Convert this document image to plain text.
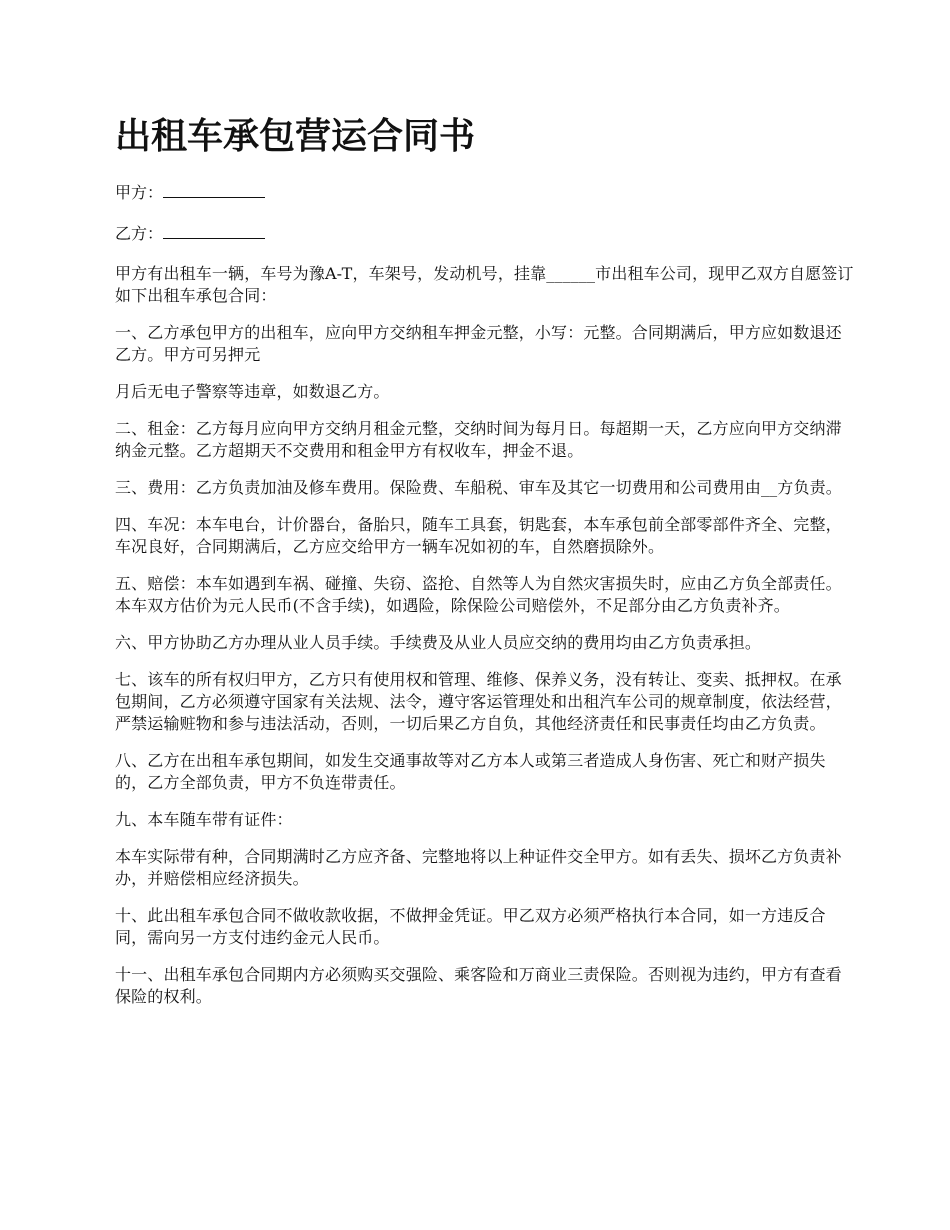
出租车承包营运合同书
甲方：
乙方：

甲方有出租车一辆，车号为豫A-T，车架号，发动机号，挂靠______市出租车公司，现甲乙双方自愿签订如下出租车承包合同：

一、乙方承包甲方的出租车，应向甲方交纳租车押金元整，小写：元整。合同期满后，甲方应如数退还乙方。甲方可另押元

月后无电子警察等违章，如数退乙方。

二、租金：乙方每月应向甲方交纳月租金元整，交纳时间为每月日。每超期一天，乙方应向甲方交纳滞纳金元整。乙方超期天不交费用和租金甲方有权收车，押金不退。

三、费用：乙方负责加油及修车费用。保险费、车船税、审车及其它一切费用和公司费用由__方负责。

四、车况：本车电台，计价器台，备胎只，随车工具套，钥匙套，本车承包前全部零部件齐全、完整，车况良好，合同期满后，乙方应交给甲方一辆车况如初的车，自然磨损除外。

五、赔偿：本车如遇到车祸、碰撞、失窃、盗抢、自然等人为自然灾害损失时，应由乙方负全部责任。本车双方估价为元人民币(不含手续)，如遇险，除保险公司赔偿外，不足部分由乙方负责补齐。

六、甲方协助乙方办理从业人员手续。手续费及从业人员应交纳的费用均由乙方负责承担。

七、该车的所有权归甲方，乙方只有使用权和管理、维修、保养义务，没有转让、变卖、抵押权。在承包期间，乙方必须遵守国家有关法规、法令，遵守客运管理处和出租汽车公司的规章制度，依法经营，严禁运输赃物和参与违法活动，否则，一切后果乙方自负，其他经济责任和民事责任均由乙方负责。

八、乙方在出租车承包期间，如发生交通事故等对乙方本人或第三者造成人身伤害、死亡和财产损失的，乙方全部负责，甲方不负连带责任。

九、本车随车带有证件：

本车实际带有种，合同期满时乙方应齐备、完整地将以上种证件交全甲方。如有丢失、损坏乙方负责补办，并赔偿相应经济损失。

十、此出租车承包合同不做收款收据，不做押金凭证。甲乙双方必须严格执行本合同，如一方违反合同，需向另一方支付违约金元人民币。

十一、出租车承包合同期内方必须购买交强险、乘客险和万商业三责保险。否则视为违约，甲方有查看保险的权利。
